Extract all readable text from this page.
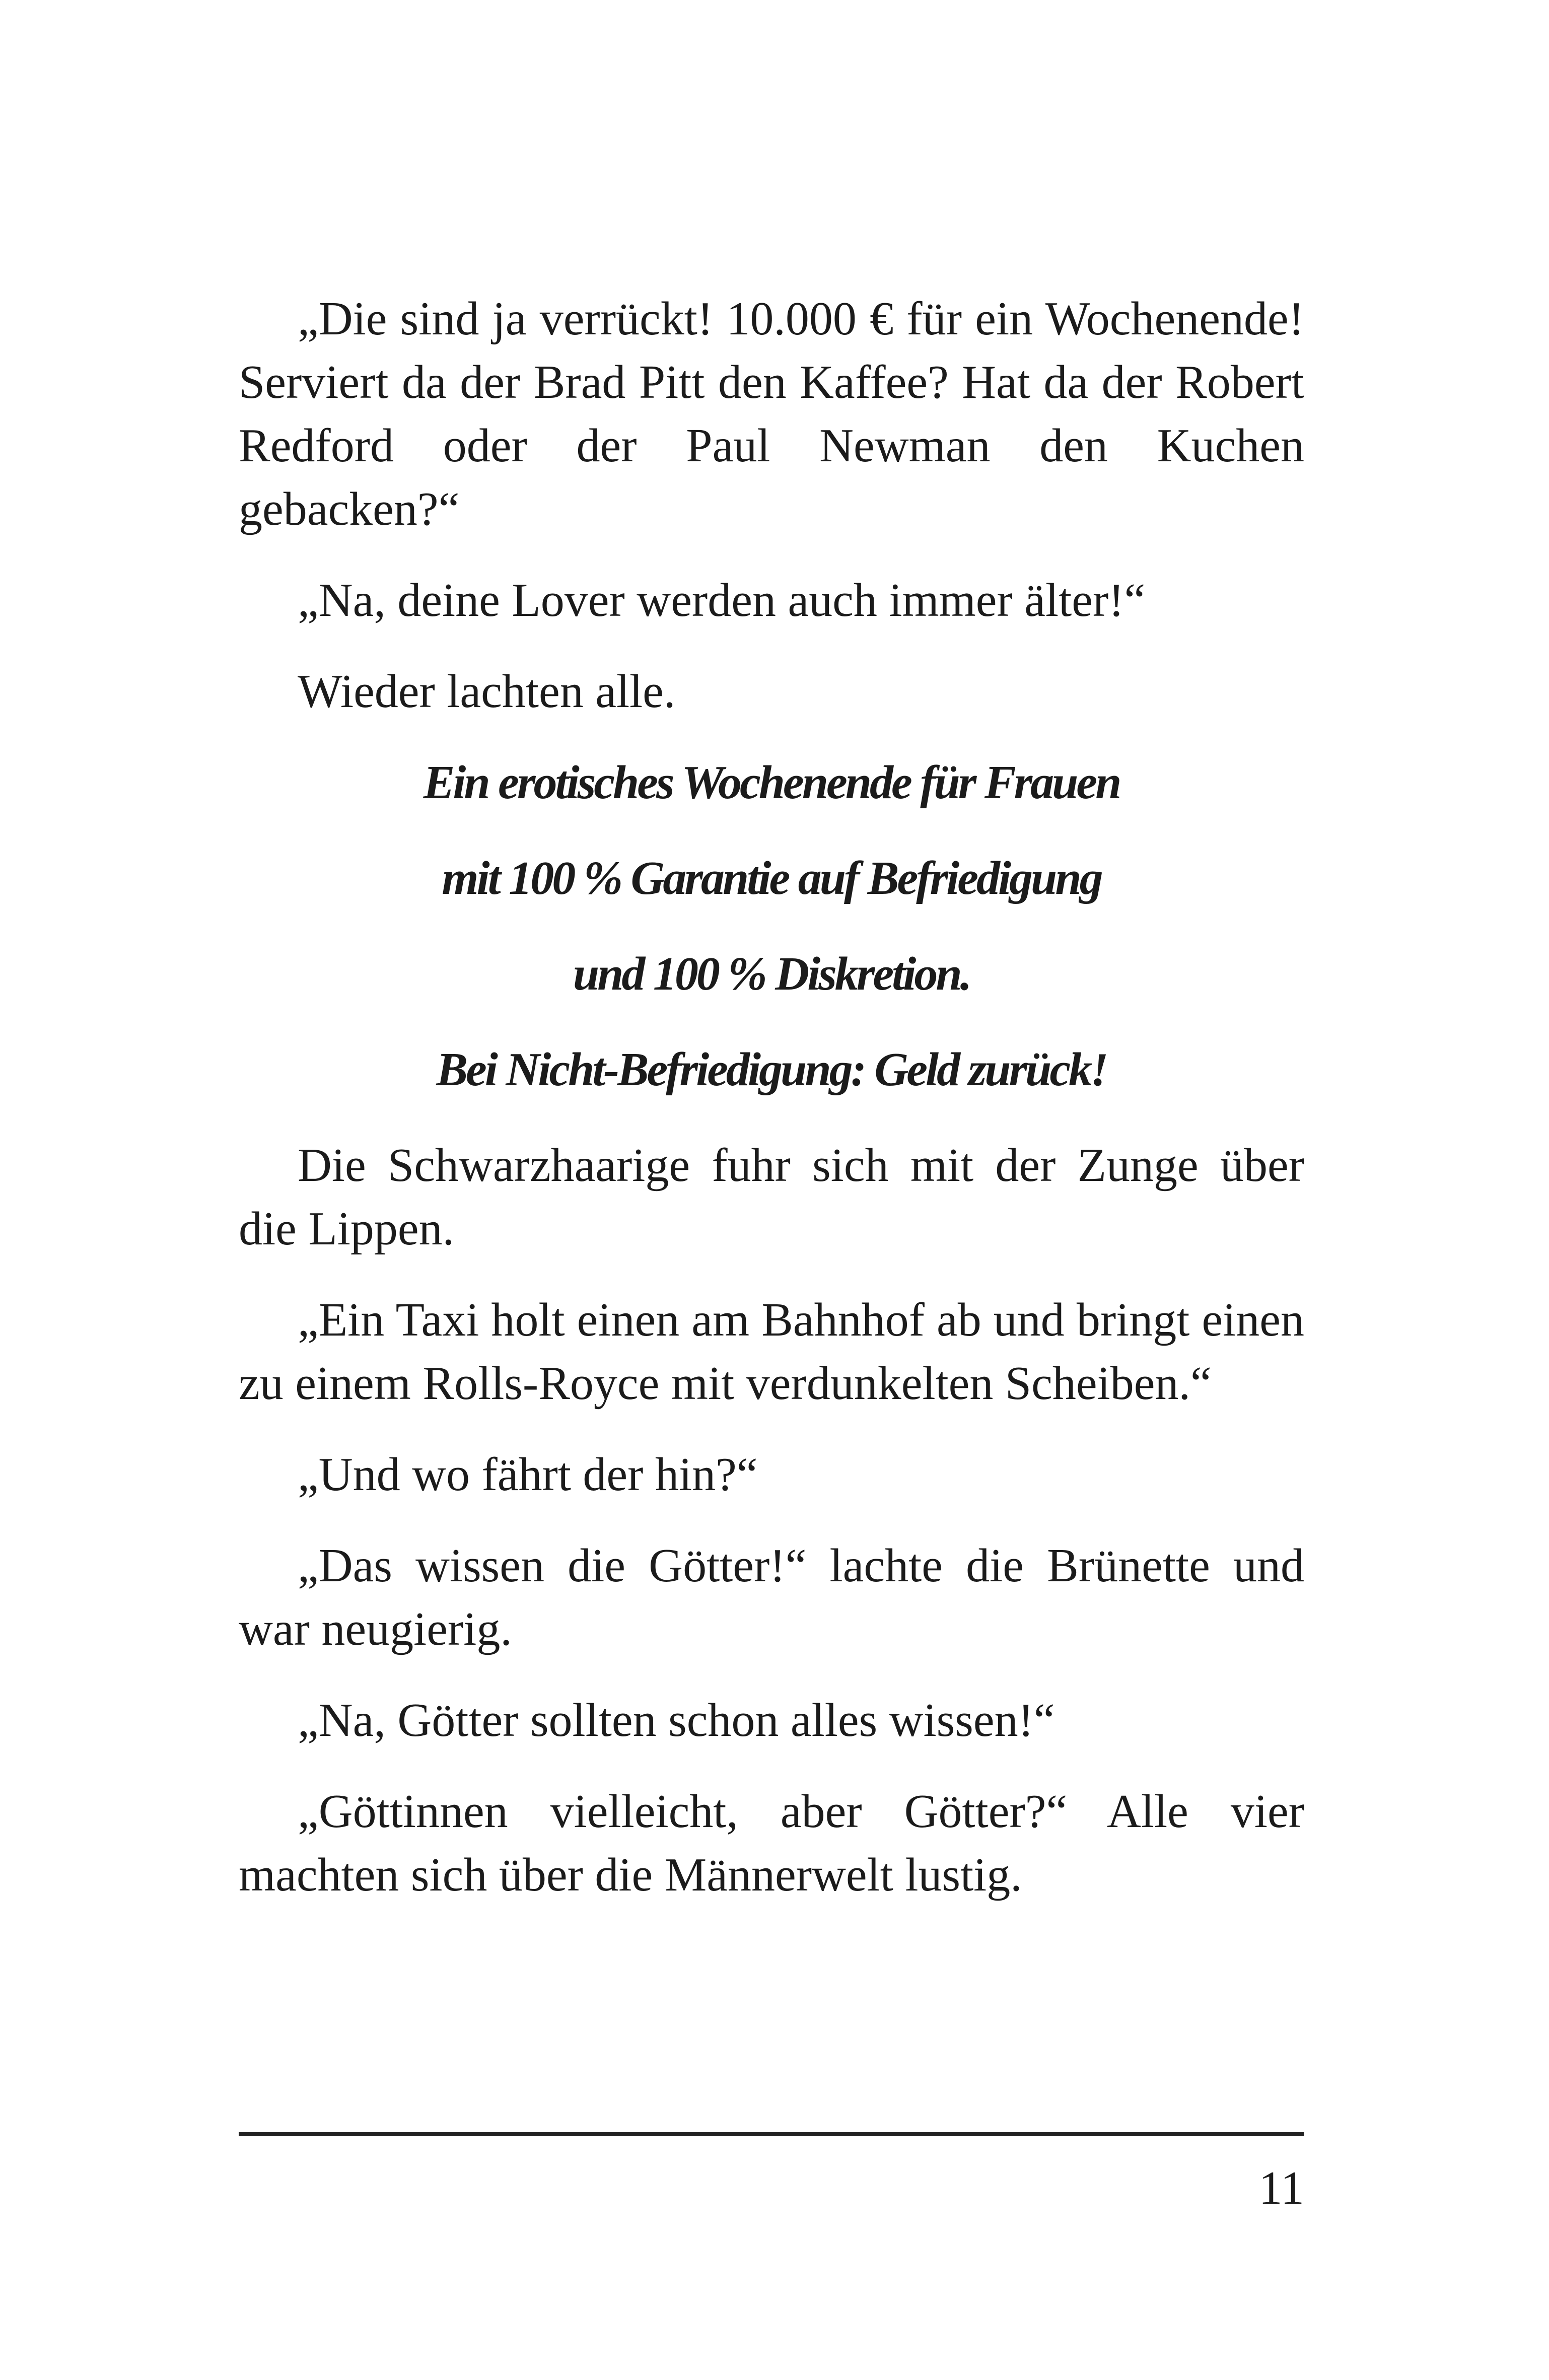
„Die sind ja verrückt! 10.000 € für ein Wochenende! Serviert da der Brad Pitt den Kaffee? Hat da der Robert Redford oder der Paul Newman den Kuchen gebacken?“

„Na, deine Lover werden auch immer älter!“

Wieder lachten alle.

Ein erotisches Wochenende für Frauen

mit 100 % Garantie auf Befriedigung

und 100 % Diskretion.

Bei Nicht-Befriedigung: Geld zurück!

Die Schwarzhaarige fuhr sich mit der Zunge über die Lippen.

„Ein Taxi holt einen am Bahnhof ab und bringt einen zu einem Rolls-Royce mit verdunkelten Scheiben.“

„Und wo fährt der hin?“

„Das wissen die Götter!“ lachte die Brünette und war neugierig.

„Na, Götter sollten schon alles wissen!“

„Göttinnen vielleicht, aber Götter?“ Alle vier machten sich über die Männerwelt lustig.

11
